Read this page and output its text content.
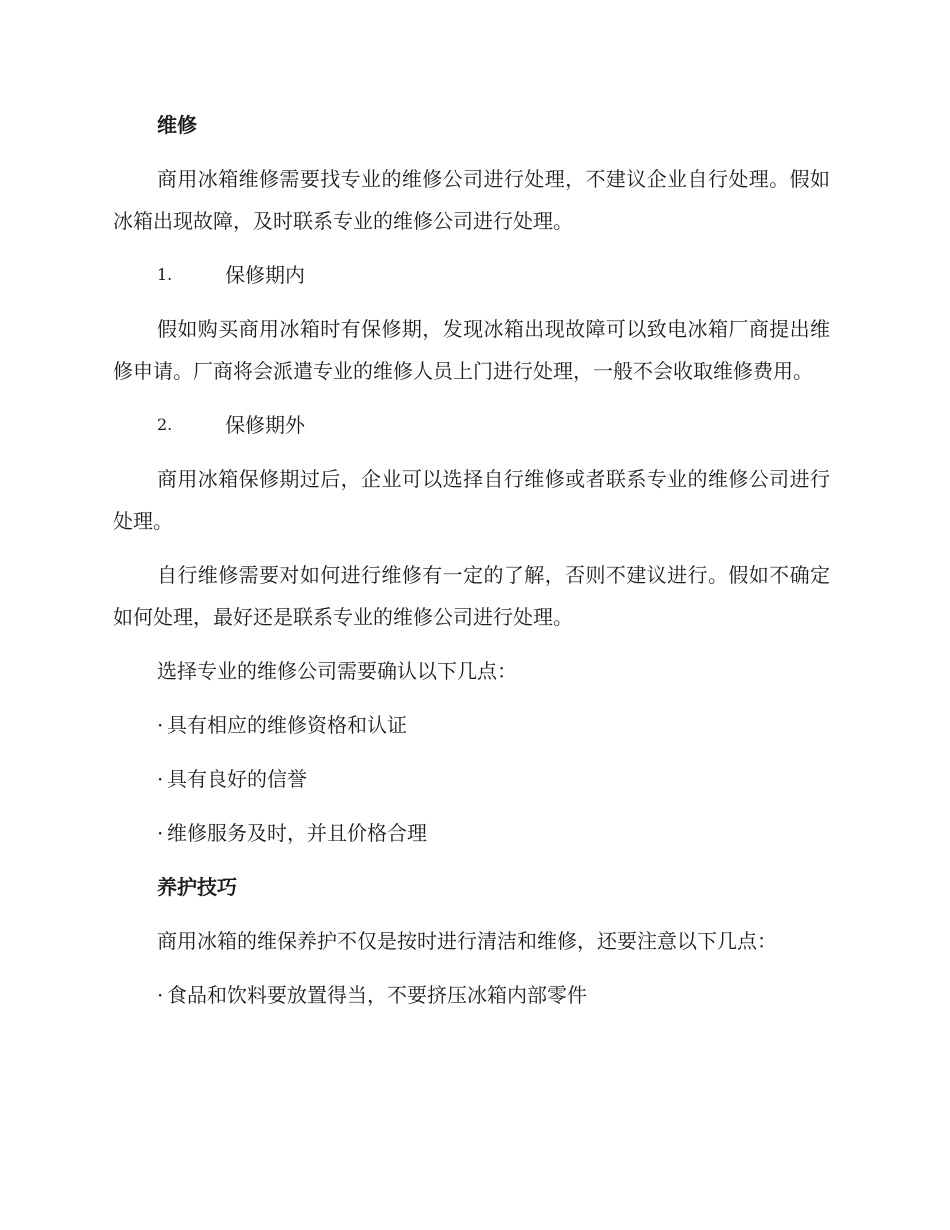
维修

商用冰箱维修需要找专业的维修公司进行处理，不建议企业自行处理。假如冰箱出现故障，及时联系专业的维修公司进行处理。

1.	保修期内

假如购买商用冰箱时有保修期，发现冰箱出现故障可以致电冰箱厂商提出维修申请。厂商将会派遣专业的维修人员上门进行处理，一般不会收取维修费用。

2.	保修期外

商用冰箱保修期过后，企业可以选择自行维修或者联系专业的维修公司进行处理。

自行维修需要对如何进行维修有一定的了解，否则不建议进行。假如不确定如何处理，最好还是联系专业的维修公司进行处理。

选择专业的维修公司需要确认以下几点：

· 具有相应的维修资格和认证
· 具有良好的信誉
· 维修服务及时，并且价格合理
养护技巧

商用冰箱的维保养护不仅是按时进行清洁和维修，还要注意以下几点：

· 食品和饮料要放置得当，不要挤压冰箱内部零件
